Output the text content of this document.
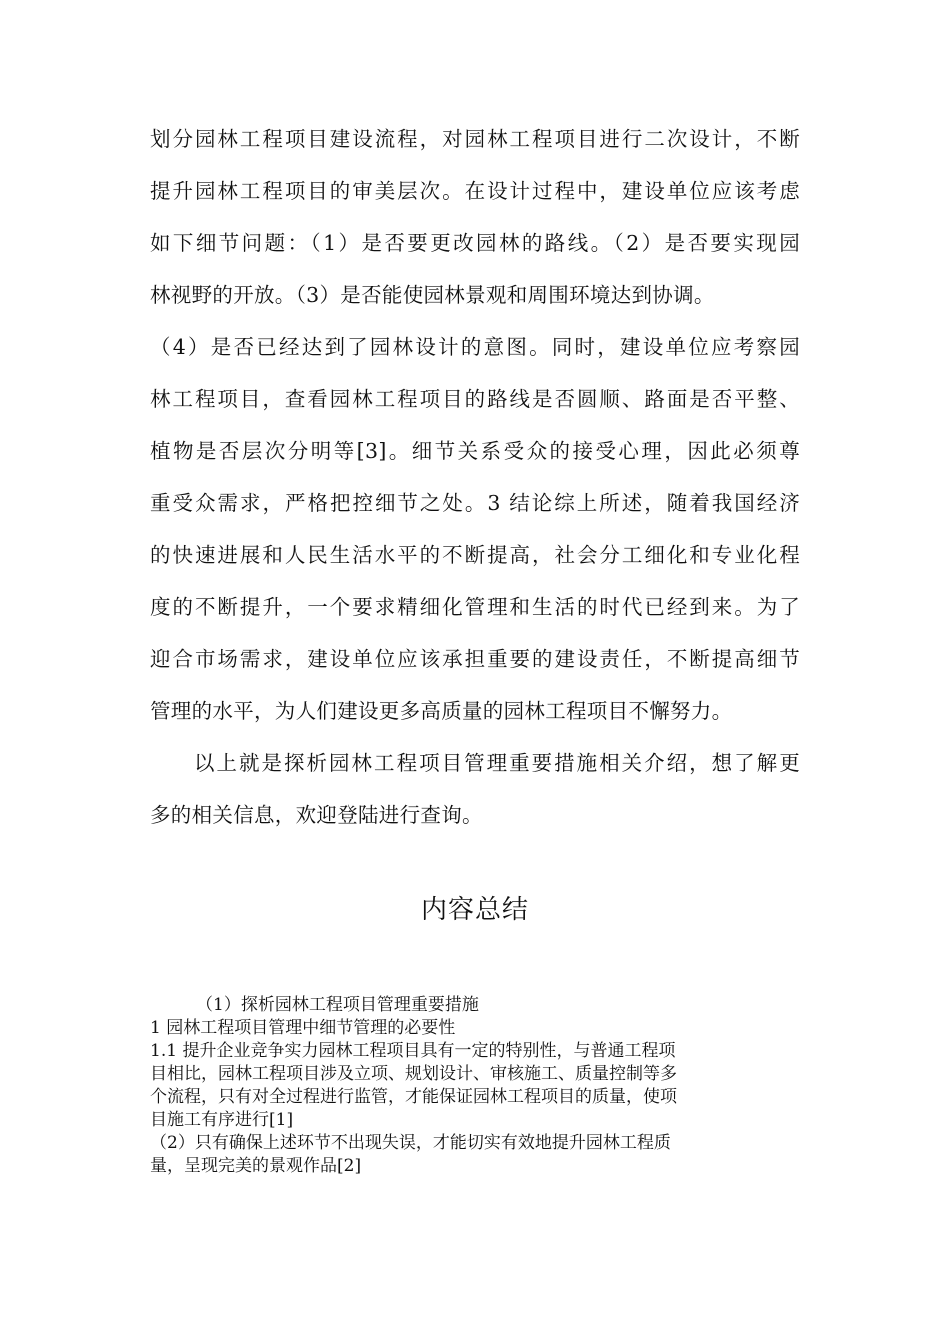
划分园林工程项目建设流程，对园林工程项目进行二次设计，不断
提升园林工程项目的审美层次。在设计过程中，建设单位应该考虑
如下细节问题：（1）是否要更改园林的路线。（2）是否要实现园
林视野的开放。（3）是否能使园林景观和周围环境达到协调。
（4）是否已经达到了园林设计的意图。同时，建设单位应考察园
林工程项目，查看园林工程项目的路线是否圆顺、路面是否平整、
植物是否层次分明等[3]。细节关系受众的接受心理，因此必须尊
重受众需求，严格把控细节之处。3 结论综上所述，随着我国经济
的快速进展和人民生活水平的不断提高，社会分工细化和专业化程
度的不断提升，一个要求精细化管理和生活的时代已经到来。为了
迎合市场需求，建设单位应该承担重要的建设责任，不断提高细节
管理的水平，为人们建设更多高质量的园林工程项目不懈努力。
以上就是探析园林工程项目管理重要措施相关介绍，想了解更
多的相关信息，欢迎登陆进行查询。
内容总结
（1）探析园林工程项目管理重要措施
1 园林工程项目管理中细节管理的必要性
1.1 提升企业竞争实力园林工程项目具有一定的特别性，与普通工程项
目相比，园林工程项目涉及立项、规划设计、审核施工、质量控制等多
个流程，只有对全过程进行监管，才能保证园林工程项目的质量，使项
目施工有序进行[1]
（2）只有确保上述环节不出现失误，才能切实有效地提升园林工程质
量，呈现完美的景观作品[2]
